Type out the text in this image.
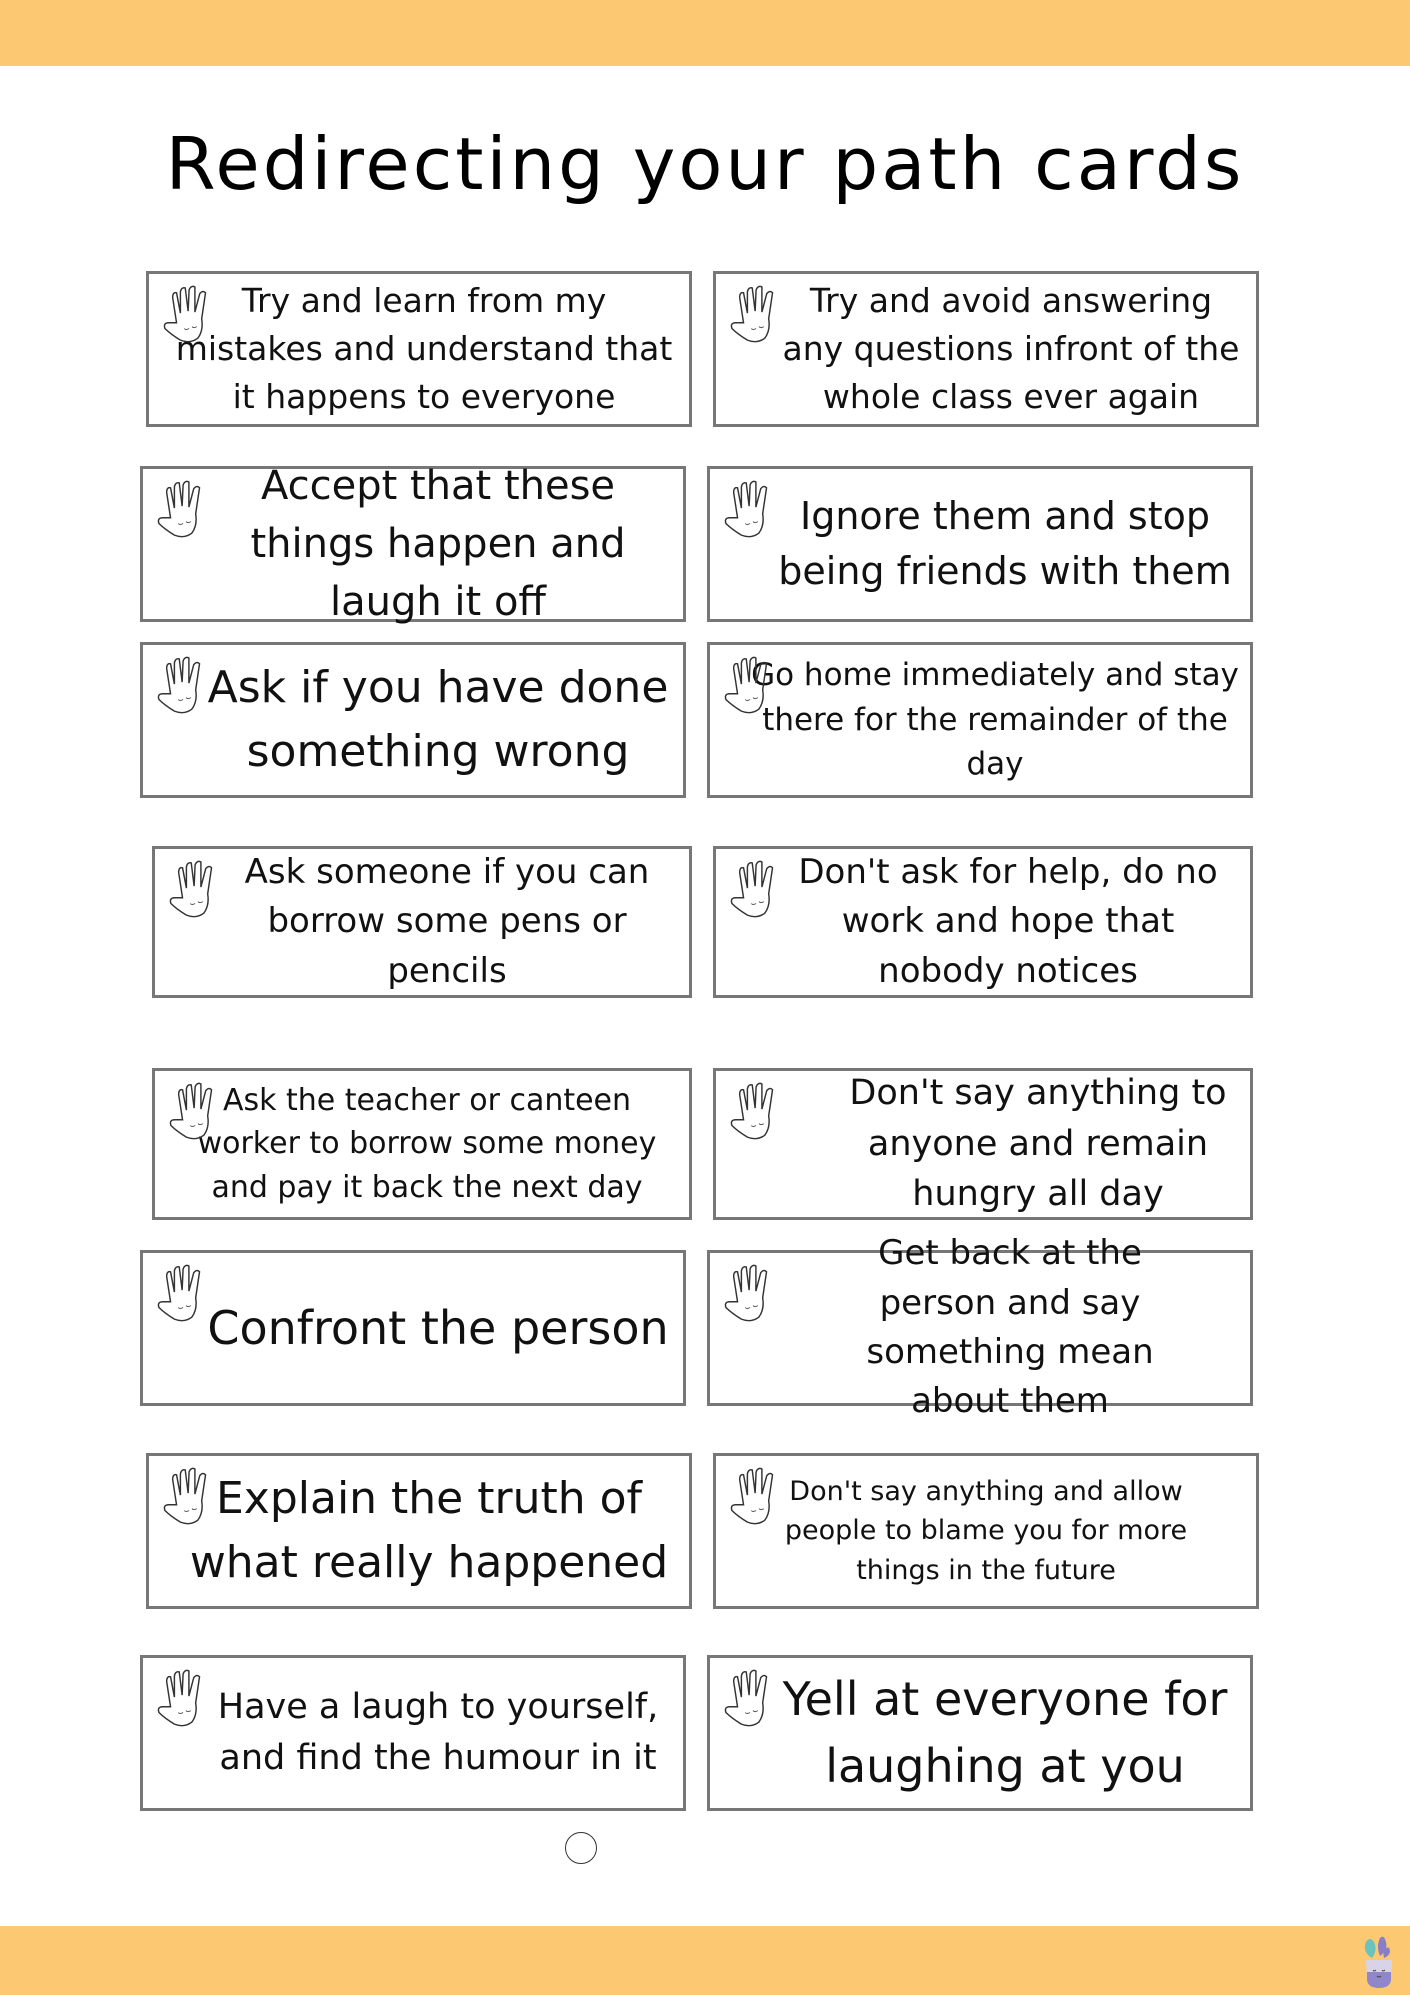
Redirecting your path cards
Try and learn from my mistakes and understand that it happens to everyone
Try and avoid answering any questions infront of the whole class ever again
Accept that these things happen and laugh it off
Ignore them and stop being friends with them
Ask if you have done something wrong
Go home immediately and stay there for the remainder of the day
Ask someone if you can borrow some pens or pencils
Don't ask for help, do no work and hope that nobody notices
Ask the teacher or canteen worker to borrow some money and pay it back the next day
Don't say anything to anyone and remain hungry all day
Confront the person
Get back at the person and say something mean about them
Explain the truth of what really happened
Don't say anything and allow people to blame you for more things in the future
Have a laugh to yourself, and find the humour in it
Yell at everyone for laughing at you
